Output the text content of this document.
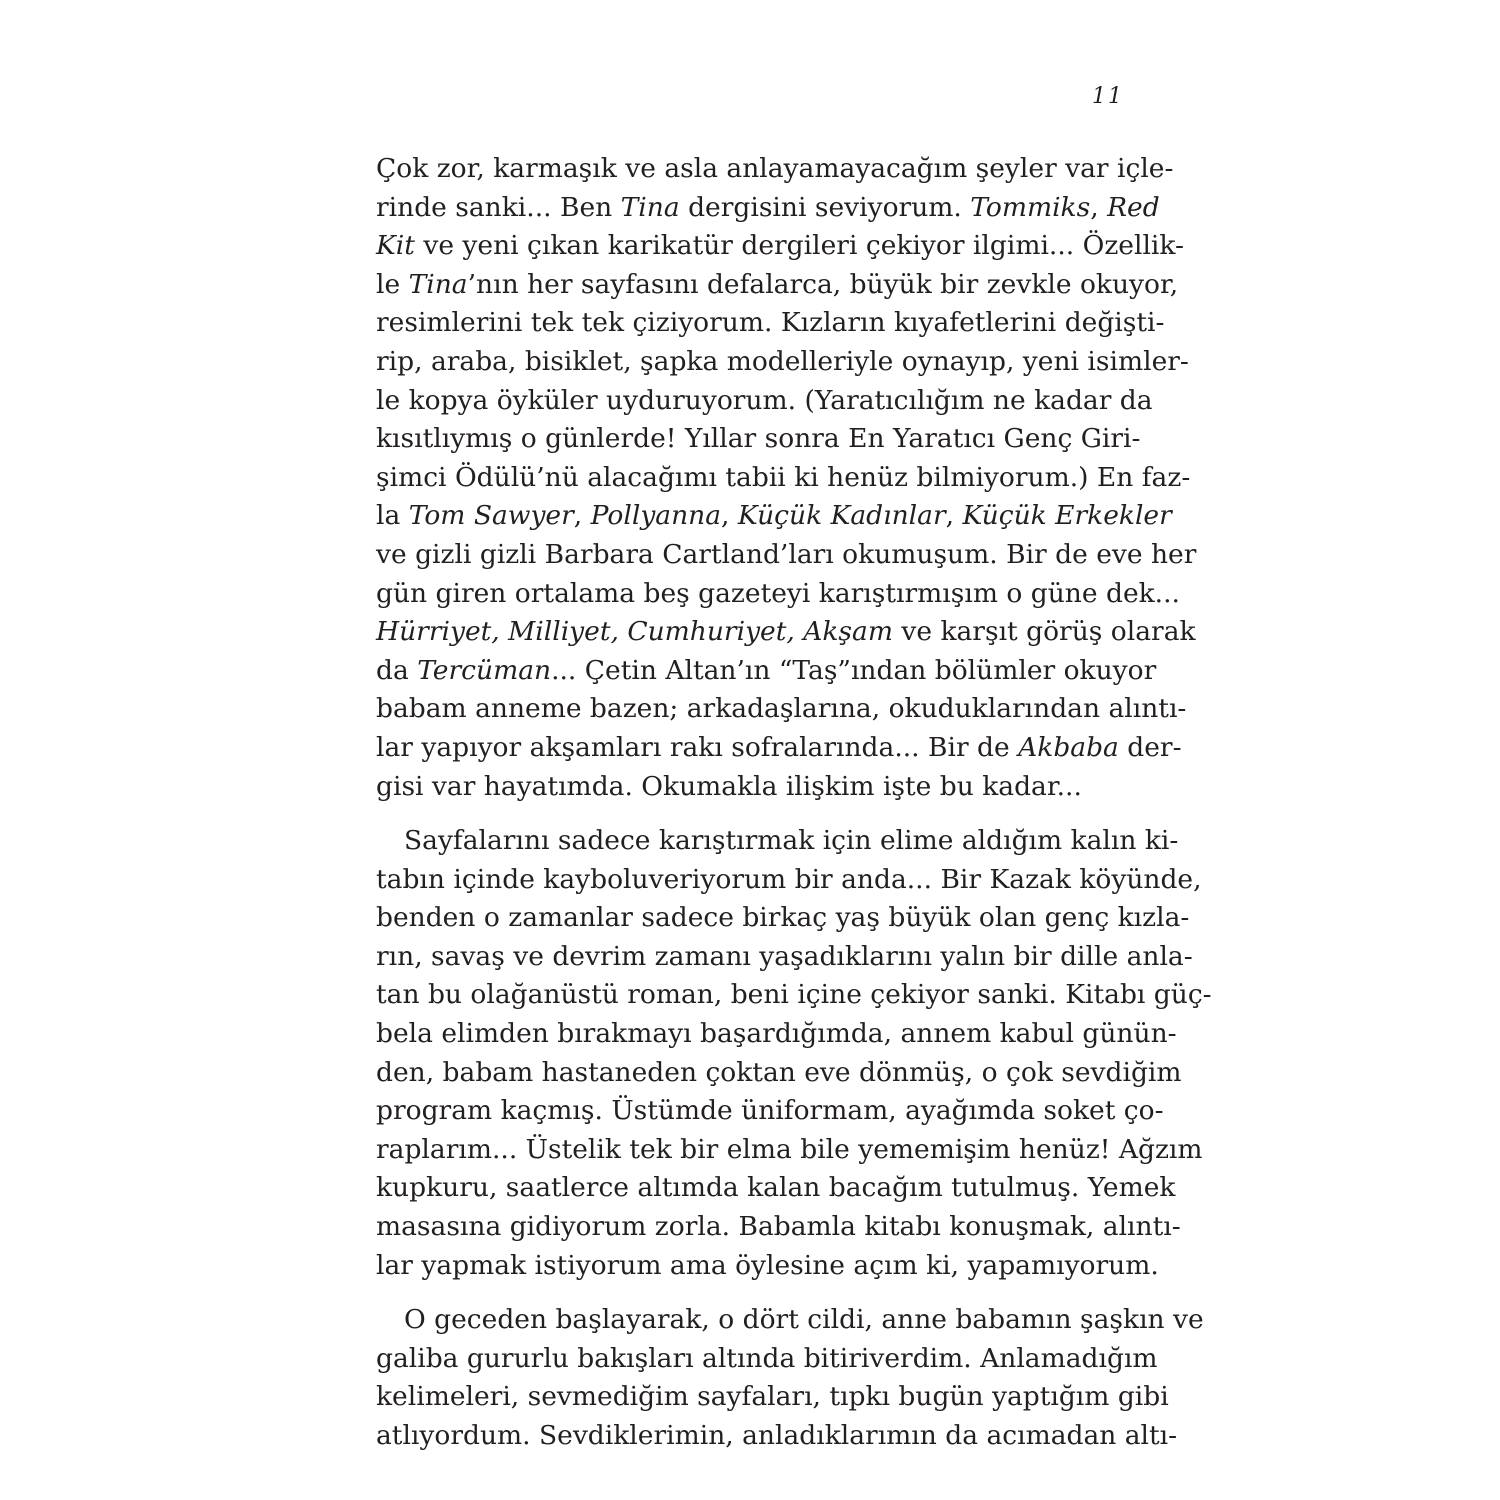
11
Çok zor, karmaşık ve asla anlayamayacağım şeyler var içle-
rinde sanki... Ben Tina dergisini seviyorum. Tommiks, Red
Kit ve yeni çıkan karikatür dergileri çekiyor ilgimi... Özellik-
le Tina’nın her sayfasını defalarca, büyük bir zevkle okuyor,
resimlerini tek tek çiziyorum. Kızların kıyafetlerini değişti-
rip, araba, bisiklet, şapka modelleriyle oynayıp, yeni isimler-
le kopya öyküler uyduruyorum. (Yaratıcılığım ne kadar da
kısıtlıymış o günlerde! Yıllar sonra En Yaratıcı Genç Giri-
şimci Ödülü’nü alacağımı tabii ki henüz bilmiyorum.) En faz-
la Tom Sawyer, Pollyanna, Küçük Kadınlar, Küçük Erkekler
ve gizli gizli Barbara Cartland’ları okumuşum. Bir de eve her
gün giren ortalama beş gazeteyi karıştırmışım o güne dek...
Hürriyet, Milliyet, Cumhuriyet, Akşam ve karşıt görüş olarak
da Tercüman... Çetin Altan’ın “Taş”ından bölümler okuyor
babam anneme bazen; arkadaşlarına, okuduklarından alıntı-
lar yapıyor akşamları rakı sofralarında... Bir de Akbaba der-
gisi var hayatımda. Okumakla ilişkim işte bu kadar...
Sayfalarını sadece karıştırmak için elime aldığım kalın ki-
tabın içinde kayboluveriyorum bir anda... Bir Kazak köyünde,
benden o zamanlar sadece birkaç yaş büyük olan genç kızla-
rın, savaş ve devrim zamanı yaşadıklarını yalın bir dille anla-
tan bu olağanüstü roman, beni içine çekiyor sanki. Kitabı güç-
bela elimden bırakmayı başardığımda, annem kabul günün-
den, babam hastaneden çoktan eve dönmüş, o çok sevdiğim
program kaçmış. Üstümde üniformam, ayağımda soket ço-
raplarım... Üstelik tek bir elma bile yememişim henüz! Ağzım
kupkuru, saatlerce altımda kalan bacağım tutulmuş. Yemek
masasına gidiyorum zorla. Babamla kitabı konuşmak, alıntı-
lar yapmak istiyorum ama öylesine açım ki, yapamıyorum.
O geceden başlayarak, o dört cildi, anne babamın şaşkın ve
galiba gururlu bakışları altında bitiriverdim. Anlamadığım
kelimeleri, sevmediğim sayfaları, tıpkı bugün yaptığım gibi
atlıyordum. Sevdiklerimin, anladıklarımın da acımadan altı-
